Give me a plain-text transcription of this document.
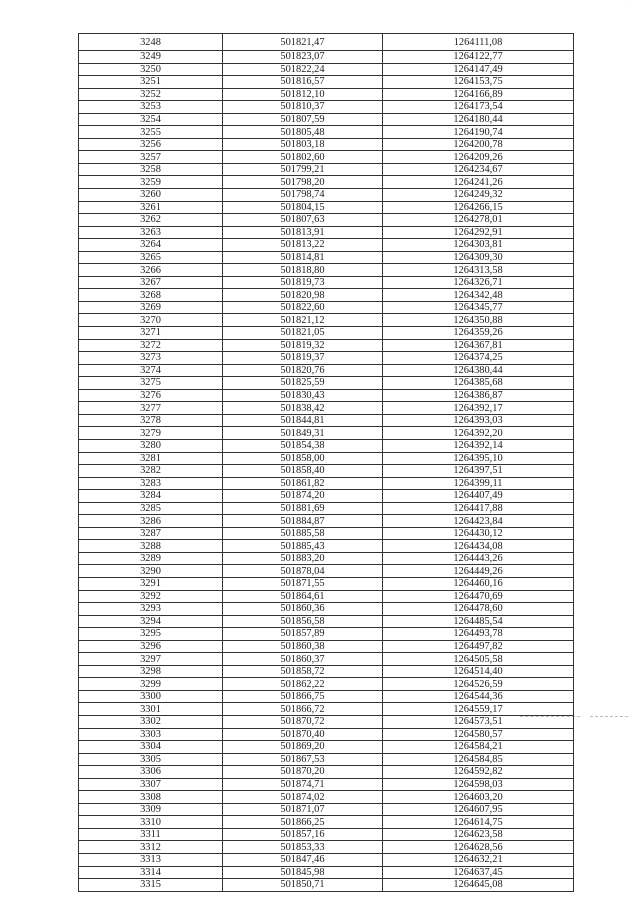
·
3248	501821,47	1264111,08
3249	501823,07	1264122,77
3250	501822,24	1264147,49
3251	501816,57	1264153,75
3252	501812,10	1264166,89
3253	501810,37	1264173,54
3254	501807,59	1264180,44
3255	501805,48	1264190,74
3256	501803,18	1264200,78
3257	501802,60	1264209,26
3258	501799,21	1264234,67
3259	501798,20	1264241,26
3260	501798,74	1264249,32
3261	501804,15	1264266,15
3262	501807,63	1264278,01
3263	501813,91	1264292,91
3264	501813,22	1264303,81
3265	501814,81	1264309,30
3266	501818,80	1264313,58
3267	501819,73	1264326,71
3268	501820,98	1264342,48
3269	501822,60	1264345,77
3270	501821,12	1264350,88
3271	501821,05	1264359,26
3272	501819,32	1264367,81
3273	501819,37	1264374,25
3274	501820,76	1264380,44
3275	501825,59	1264385,68
3276	501830,43	1264386,87
3277	501838,42	1264392,17
3278	501844,81	1264393,03
3279	501849,31	1264392,20
3280	501854,38	1264392,14
3281	501858,00	1264395,10
3282	501858,40	1264397,51
3283	501861,82	1264399,11
3284	501874,20	1264407,49
3285	501881,69	1264417,88
3286	501884,87	1264423,84
3287	501885,58	1264430,12
3288	501885,43	1264434,08
3289	501883,20	1264443,26
3290	501878,04	1264449,26
3291	501871,55	1264460,16
3292	501864,61	1264470,69
3293	501860,36	1264478,60
3294	501856,58	1264485,54
3295	501857,89	1264493,78
3296	501860,38	1264497,82
3297	501860,37	1264505,58
3298	501858,72	1264514,40
3299	501862,22	1264526,59
3300	501866,75	1264544,36
3301	501866,72	1264559,17
3302	501870,72	1264573,51
3303	501870,40	1264580,57
3304	501869,20	1264584,21
3305	501867,53	1264584,85
3306	501870,20	1264592,82
3307	501874,71	1264598,03
3308	501874,02	1264603,20
3309	501871,07	1264607,95
3310	501866,25	1264614,75
3311	501857,16	1264623,58
3312	501853,33	1264628,56
3313	501847,46	1264632,21
3314	501845,98	1264637,45
3315	501850,71	1264645,08
